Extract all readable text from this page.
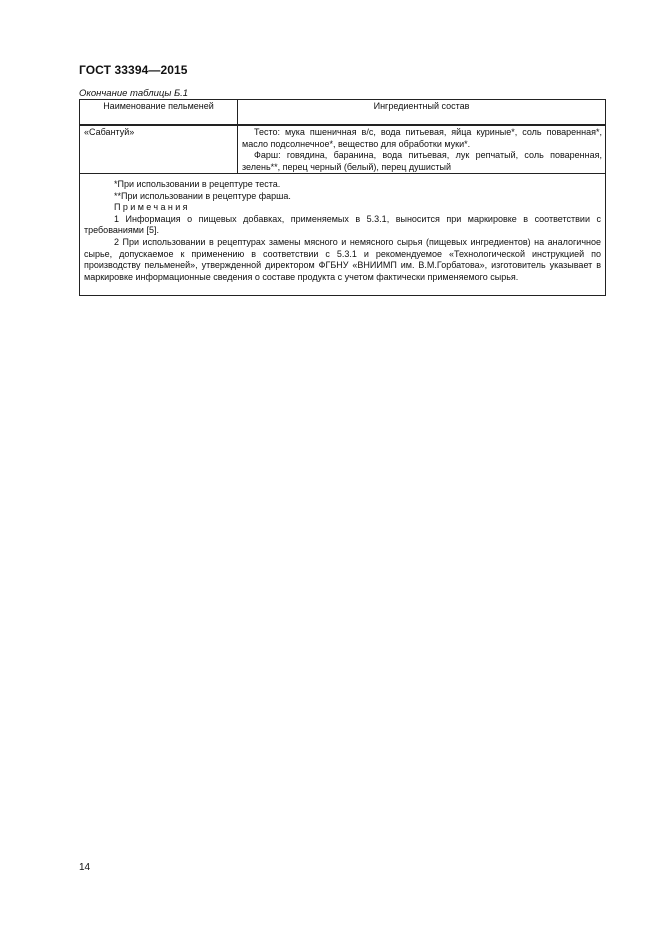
ГОСТ 33394—2015
Окончание таблицы Б.1
Наименование пельменей	Ингредиентный состав
«Сабантуй»	Тесто: мука пшеничная в/с, вода питьевая, яйца куриные*, соль поваренная*, масло подсолнечное*, вещество для обработки муки*.

Фарш: говядина, баранина, вода питьевая, лук репчатый, соль поваренная, зелень**, перец черный (белый), перец душистый

*При использовании в рецептуре теста.

**При использовании в рецептуре фарша.

Примечания

1 Информация о пищевых добавках, применяемых в 5.3.1, выносится при маркировке в соответствии с требованиями [5].

2 При использовании в рецептурах замены мясного и немясного сырья (пищевых ингредиентов) на аналогичное сырье, допускаемое к применению в соответствии с 5.3.1 и рекомендуемое «Технологической инструкцией по производству пельменей», утвержденной директором ФГБНУ «ВНИИМП им. В.М.Горбатова», изготовитель указывает в маркировке информационные сведения о составе продукта с учетом фактически применяемого сырья.

14
